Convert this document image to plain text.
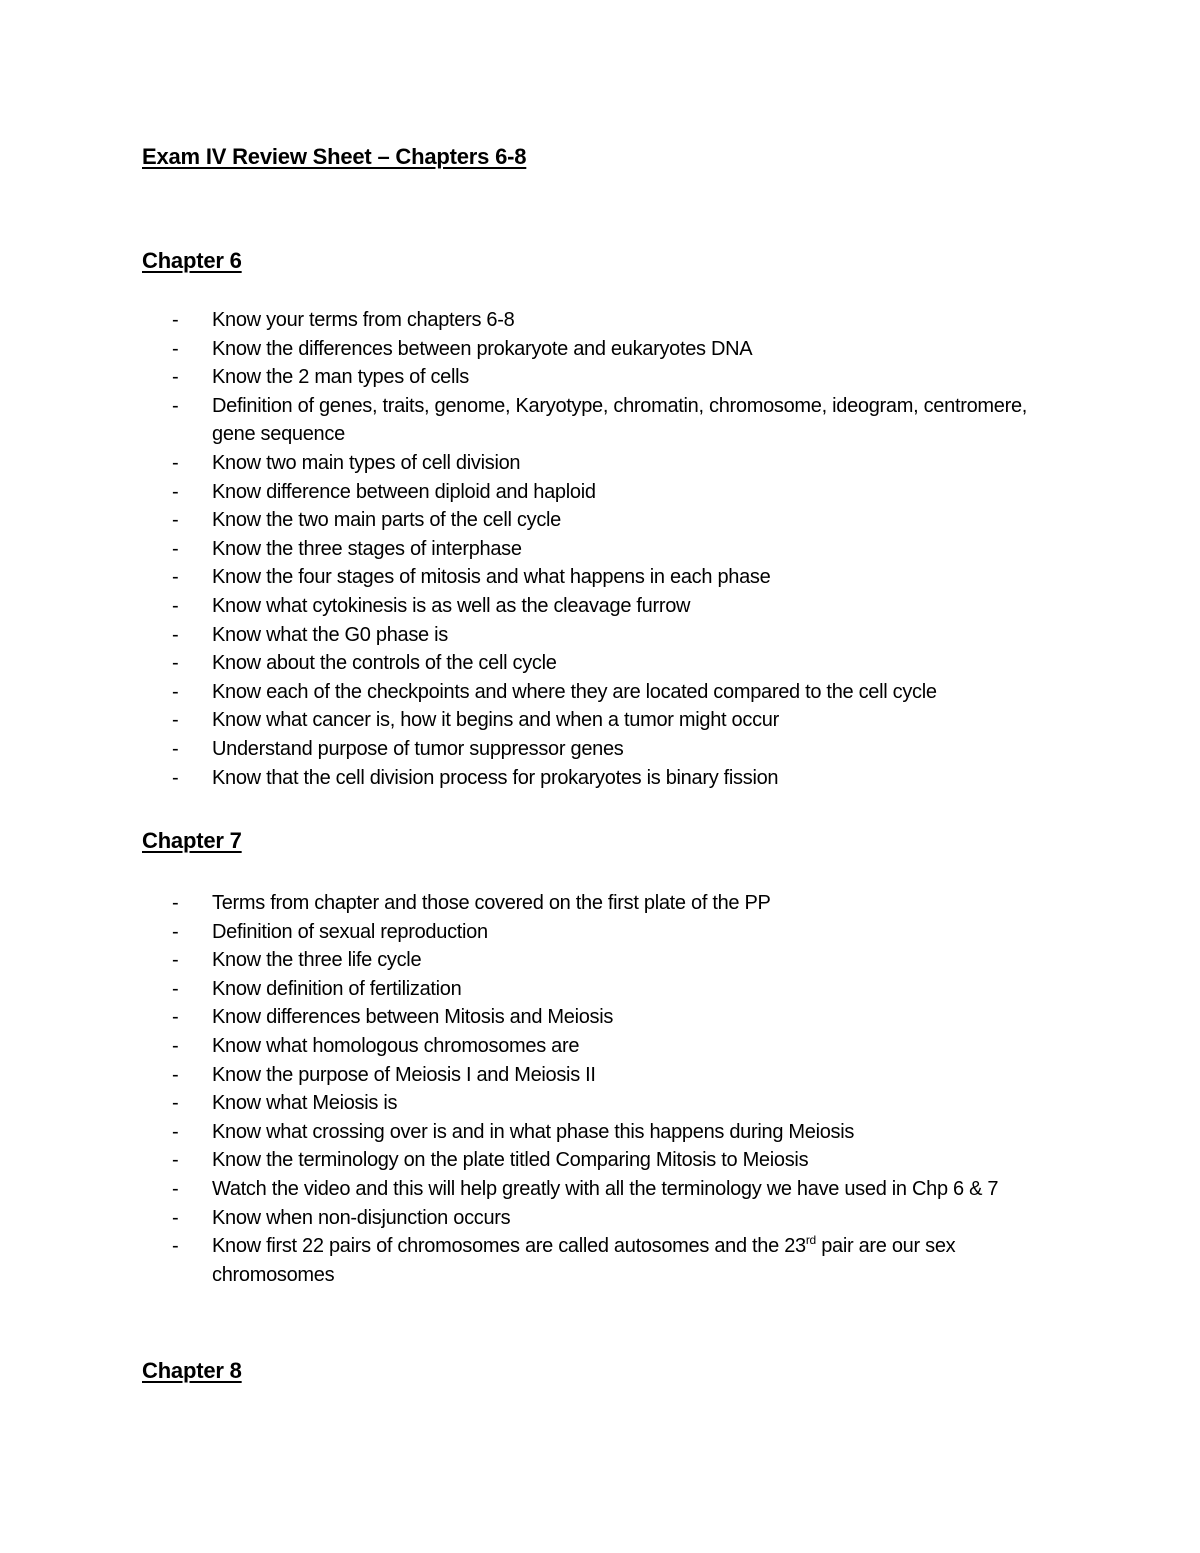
Exam IV Review Sheet – Chapters 6-8
Chapter 6
- Know your terms from chapters 6-8
- Know the differences between prokaryote and eukaryotes DNA
- Know the 2 man types of cells
- Definition of genes, traits, genome, Karyotype, chromatin, chromosome, ideogram, centromere, gene sequence
- Know two main types of cell division
- Know difference between diploid and haploid
- Know the two main parts of the cell cycle
- Know the three stages of interphase
- Know the four stages of mitosis and what happens in each phase
- Know what cytokinesis is as well as the cleavage furrow
- Know what the G0 phase is
- Know about the controls of the cell cycle
- Know each of the checkpoints and where they are located compared to the cell cycle
- Know what cancer is, how it begins and when a tumor might occur
- Understand purpose of tumor suppressor genes
- Know that the cell division process for prokaryotes is binary fission
Chapter 7
- Terms from chapter and those covered on the first plate of the PP
- Definition of sexual reproduction
- Know the three life cycle
- Know definition of fertilization
- Know differences between Mitosis and Meiosis
- Know what homologous chromosomes are
- Know the purpose of Meiosis I and Meiosis II
- Know what Meiosis is
- Know what crossing over is and in what phase this happens during Meiosis
- Know the terminology on the plate titled Comparing Mitosis to Meiosis
- Watch the video and this will help greatly with all the terminology we have used in Chp 6 & 7
- Know when non-disjunction occurs
- Know first 22 pairs of chromosomes are called autosomes and the 23rd pair are our sex chromosomes
Chapter 8
